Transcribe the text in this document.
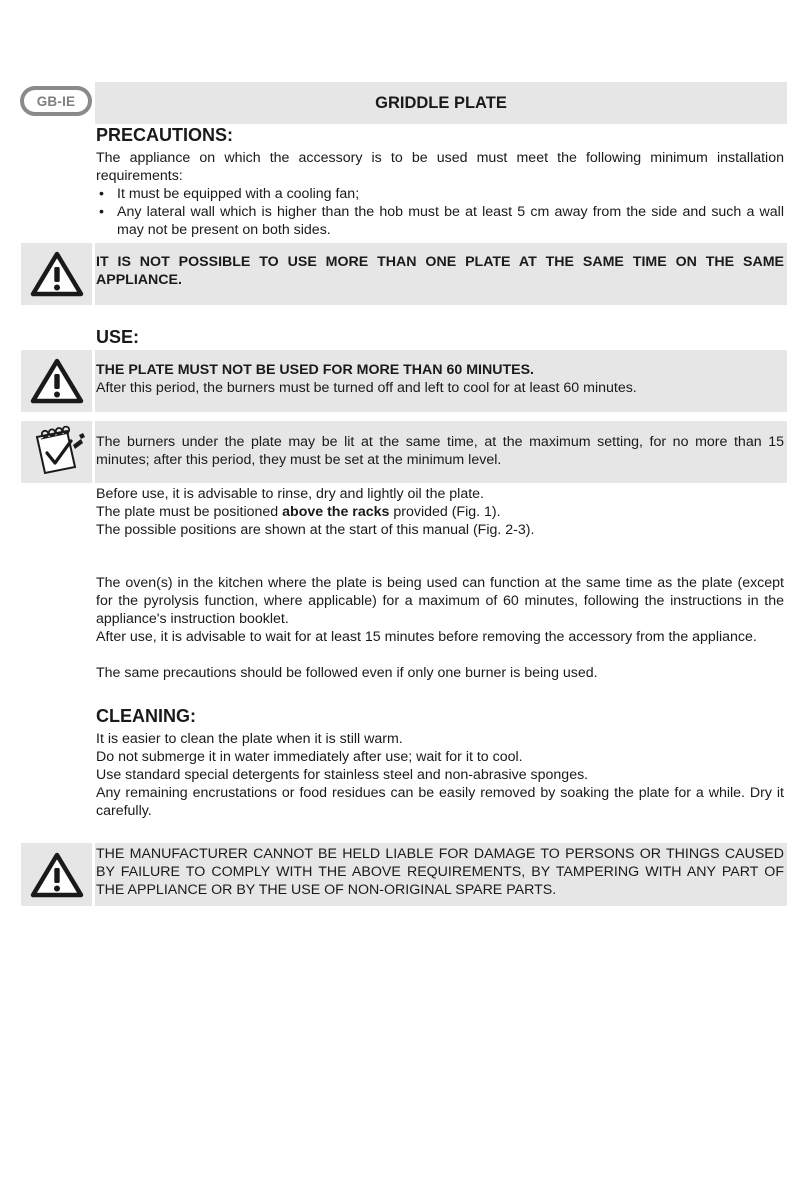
GB-IE	GRIDDLE PLATE
PRECAUTIONS:

The appliance on which the accessory is to be used must meet the following minimum installation requirements:

• It must be equipped with a cooling fan;
• Any lateral wall which is higher than the hob must be at least 5 cm away from the side and such a wall may not be present on both sides.

IT IS NOT POSSIBLE TO USE MORE THAN ONE PLATE AT THE SAME TIME ON THE SAME APPLIANCE.

USE:

THE PLATE MUST NOT BE USED FOR MORE THAN 60 MINUTES.

After this period, the burners must be turned off and left to cool for at least 60 minutes.

The burners under the plate may be lit at the same time, at the maximum setting, for no more than 15 minutes; after this period, they must be set at the minimum level.

Before use, it is advisable to rinse, dry and lightly oil the plate.

The plate must be positioned above the racks provided (Fig. 1).

The possible positions are shown at the start of this manual (Fig. 2-3).

The oven(s) in the kitchen where the plate is being used can function at the same time as the plate (except for the pyrolysis function, where applicable) for a maximum of 60 minutes, following the instructions in the appliance's instruction booklet.

After use, it is advisable to wait for at least 15 minutes before removing the accessory from the appliance.

The same precautions should be followed even if only one burner is being used.

CLEANING:

It is easier to clean the plate when it is still warm.

Do not submerge it in water immediately after use; wait for it to cool.

Use standard special detergents for stainless steel and non-abrasive sponges.

Any remaining encrustations or food residues can be easily removed by soaking the plate for a while. Dry it carefully.

THE MANUFACTURER CANNOT BE HELD LIABLE FOR DAMAGE TO PERSONS OR THINGS CAUSED BY FAILURE TO COMPLY WITH THE ABOVE REQUIREMENTS, BY TAMPERING WITH ANY PART OF THE APPLIANCE OR BY THE USE OF NON-ORIGINAL SPARE PARTS.
